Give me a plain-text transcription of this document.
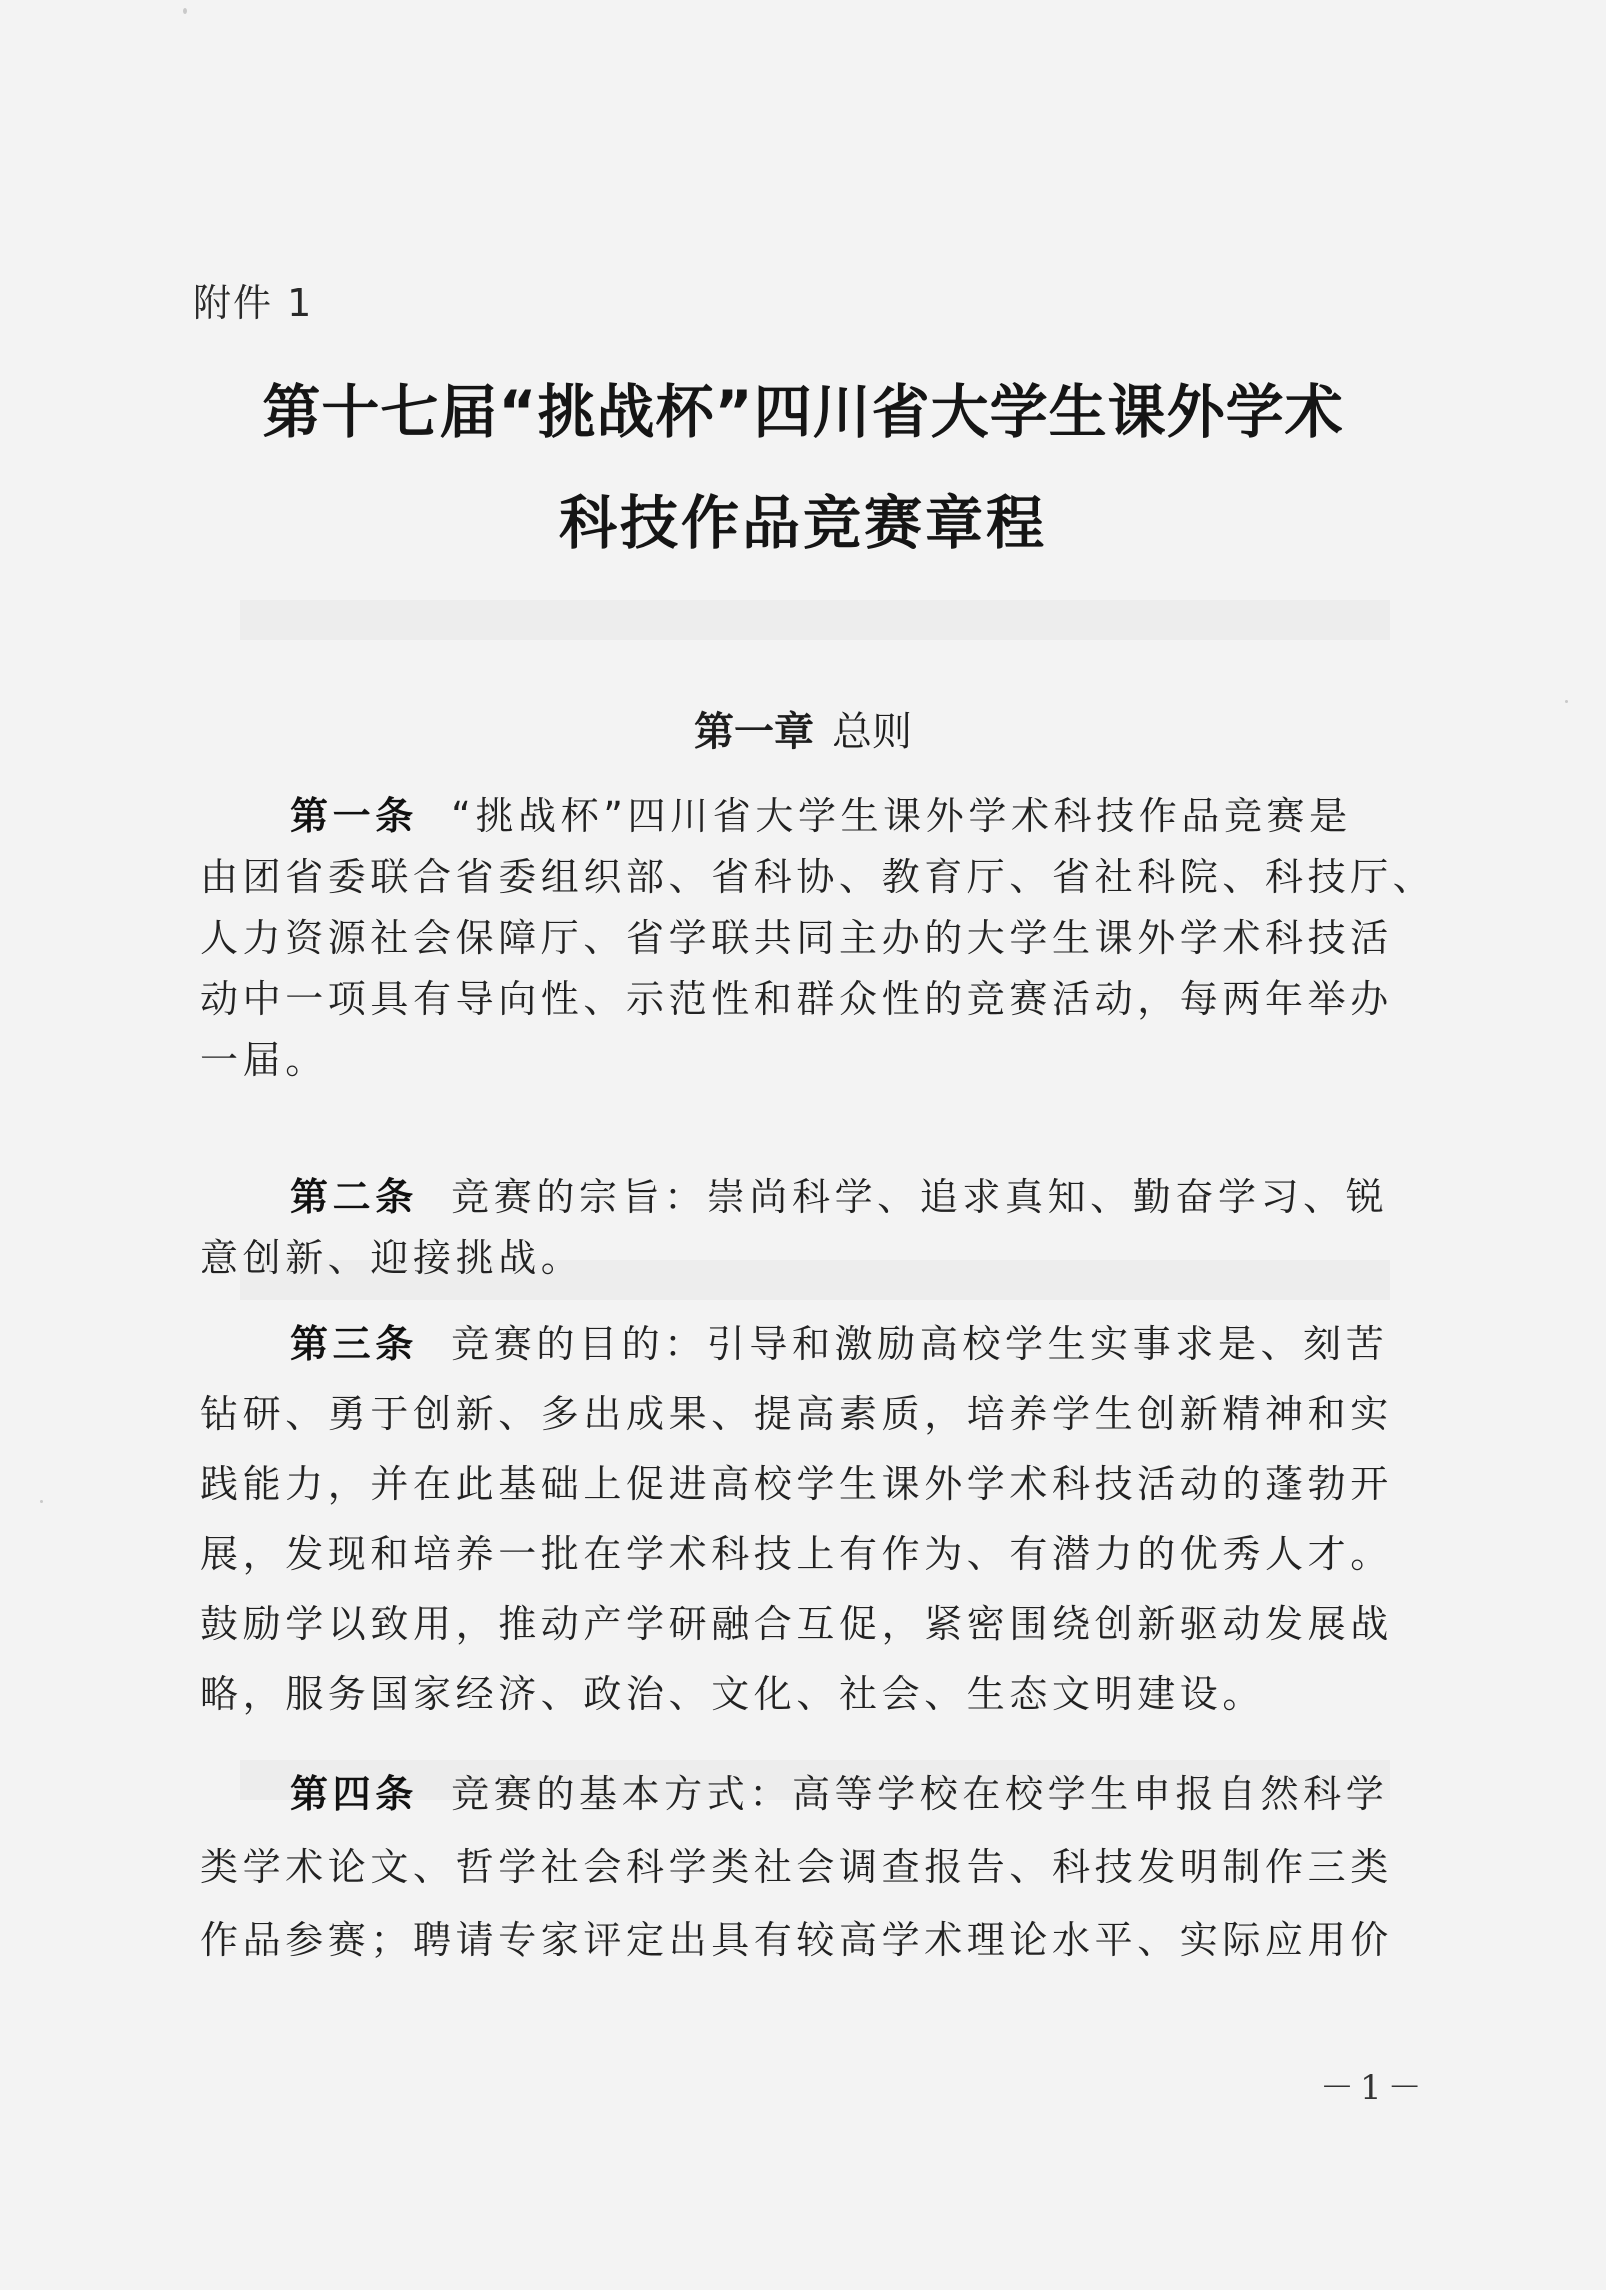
附件 1
第十七届“挑战杯”四川省大学生课外学术
科技作品竞赛章程
第一章 总则
第一条 “挑战杯”四川省大学生课外学术科技作品竞赛是
由团省委联合省委组织部、省科协、教育厅、省社科院、科技厅、
人力资源社会保障厅、省学联共同主办的大学生课外学术科技活
动中一项具有导向性、示范性和群众性的竞赛活动，每两年举办
一届。
第二条 竞赛的宗旨：崇尚科学、追求真知、勤奋学习、锐
意创新、迎接挑战。
第三条 竞赛的目的：引导和激励高校学生实事求是、刻苦
钻研、勇于创新、多出成果、提高素质，培养学生创新精神和实
践能力，并在此基础上促进高校学生课外学术科技活动的蓬勃开
展，发现和培养一批在学术科技上有作为、有潜力的优秀人才。
鼓励学以致用，推动产学研融合互促，紧密围绕创新驱动发展战
略，服务国家经济、政治、文化、社会、生态文明建设。
第四条 竞赛的基本方式：高等学校在校学生申报自然科学
类学术论文、哲学社会科学类社会调查报告、科技发明制作三类
作品参赛；聘请专家评定出具有较高学术理论水平、实际应用价
－1－
